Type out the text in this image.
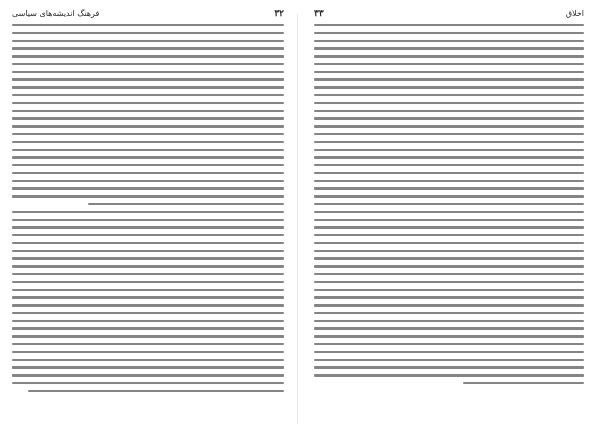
۳۲
فرهنگ اندیشه‌های سیاسی	۳۳	اخلاق
